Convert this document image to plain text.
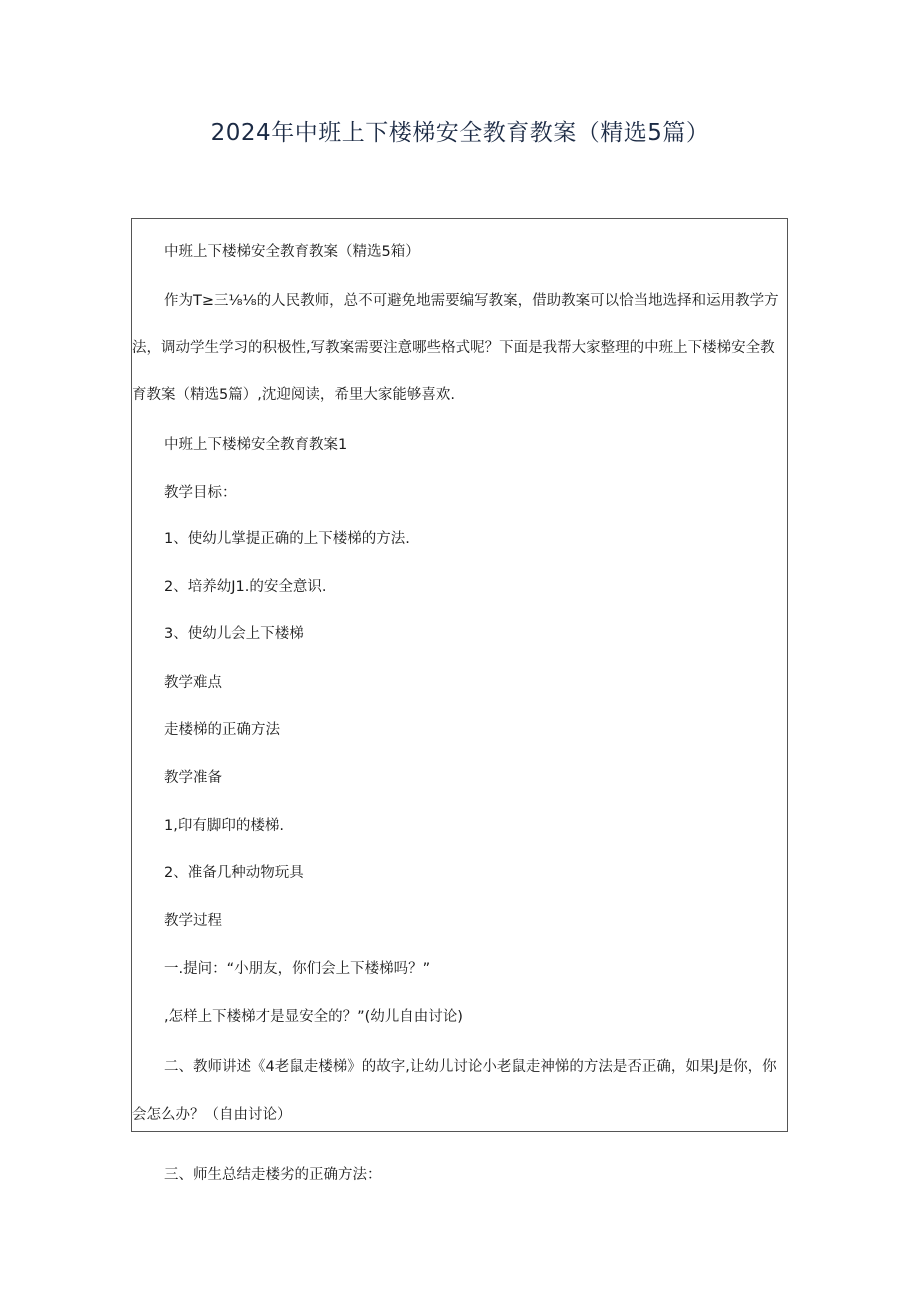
2024年中班上下楼梯安全教育教案（精选5篇）
中班上下楼梯安全教育教案（精选5箱）
作为T≥三⅛⅛的人民教师，总不可避免地需要编写教案，借助教案可以恰当地选择和运用教学方
法，调动学生学习的积极性,写教案需要注意哪些格式呢？下面是我帮大家整理的中班上下楼梯安全教
育教案（精选5篇）,沈迎阅读，希里大家能够喜欢.
中班上下楼梯安全教育教案1
教学目标：
1、使幼儿掌提正确的上下楼梯的方法.
2、培养幼J1.的安全意识.
3、使幼儿会上下楼梯
教学难点
走楼梯的正确方法
教学准备
1,印有脚印的楼梯.
2、准备几种动物玩具
教学过程
一.提问：“小朋友，你们会上下楼梯吗？”
,怎样上下楼梯才是显安全的？”(幼儿自由讨论)
二、教师讲述《4老鼠走楼梯》的故字,让幼儿讨论小老鼠走神悌的方法是否正确，如果J是你，你
会怎么办？（自由讨论）
三、师生总结走楼劣的正确方法：
